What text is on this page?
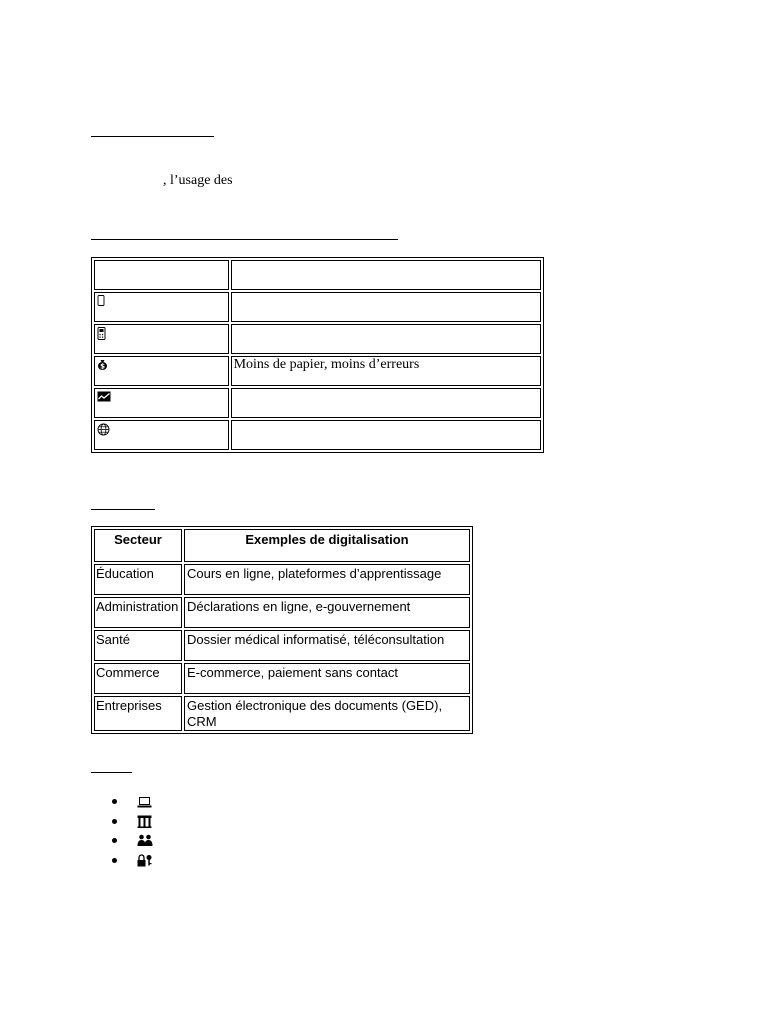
, l’usage des

$	Moins de papier, moins d’erreurs

Secteur	Exemples de digitalisation
Éducation	Cours en ligne, plateformes d’apprentissage
Administration	Déclarations en ligne, e-gouvernement
Santé	Dossier médical informatisé, téléconsultation
Commerce	E-commerce, paiement sans contact
Entreprises	Gestion électronique des documents (GED), CRM
